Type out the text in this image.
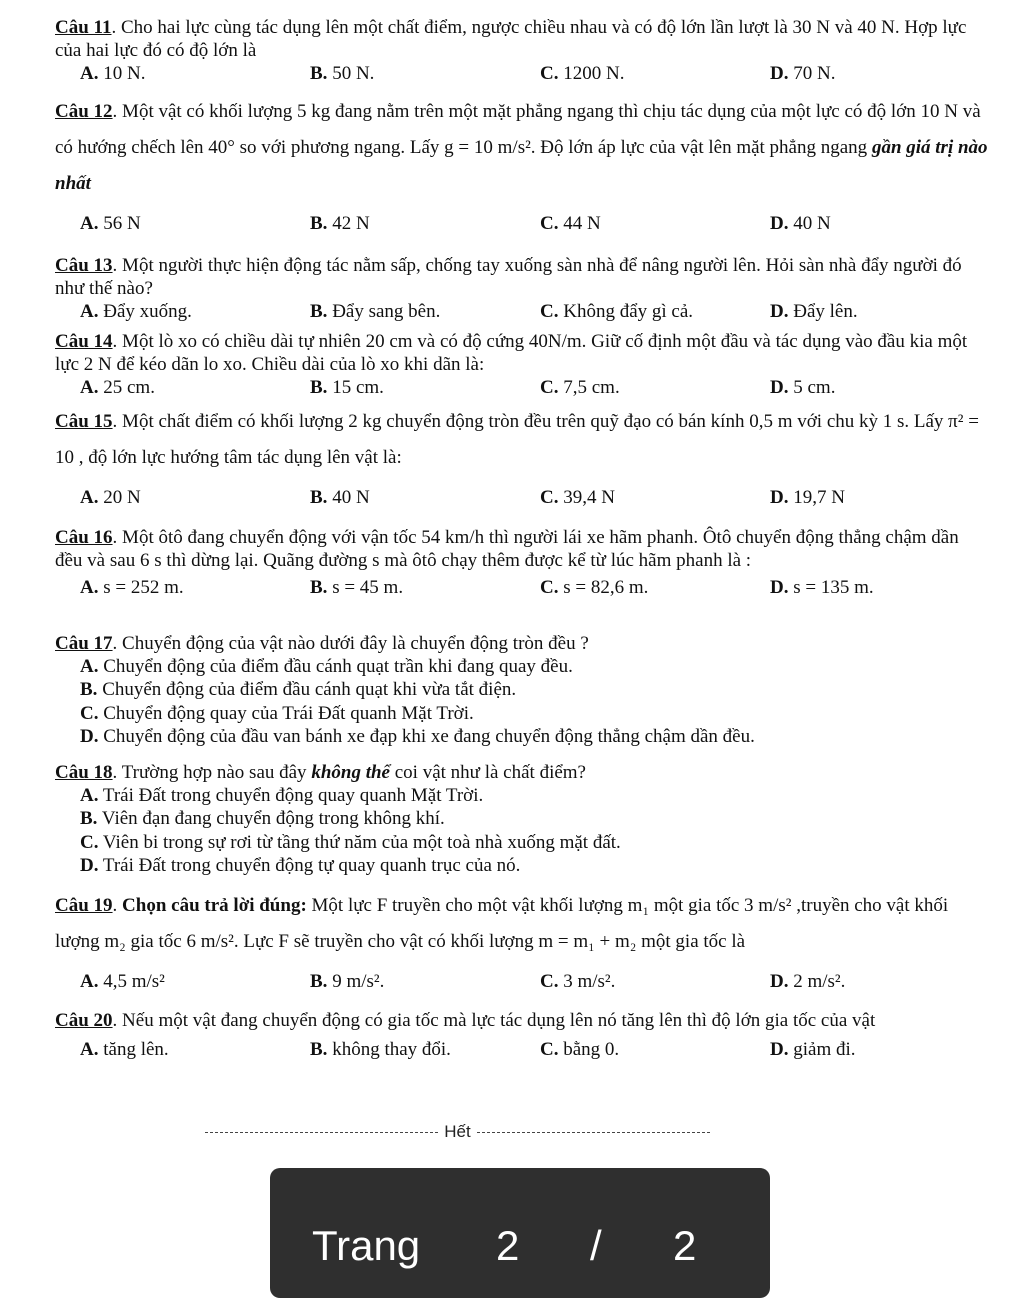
Câu 11. Cho hai lực cùng tác dụng lên một chất điểm, ngược chiều nhau và có độ lớn lần lượt là 30 N và 40 N. Hợp lực của hai lực đó có độ lớn là

A. 10 N.	B. 50 N.	C. 1200 N.	D. 70 N.

Câu 12. Một vật có khối lượng 5 kg đang nằm trên một mặt phẳng ngang thì chịu tác dụng của một lực có độ lớn 10 N và có hướng chếch lên 40° so với phương ngang. Lấy g = 10 m/s². Độ lớn áp lực của vật lên mặt phẳng ngang gần giá trị nào nhất

A. 56 N	B. 42 N	C. 44 N	D. 40 N

Câu 13. Một người thực hiện động tác nằm sấp, chống tay xuống sàn nhà để nâng người lên. Hỏi sàn nhà đẩy người đó như thế nào?

A. Đẩy xuống.	B. Đẩy sang bên.	C. Không đẩy gì cả.	D. Đẩy lên.

Câu 14. Một lò xo có chiều dài tự nhiên 20 cm và có độ cứng 40N/m. Giữ cố định một đầu và tác dụng vào đầu kia một lực 2 N để kéo dãn lo xo. Chiều dài của lò xo khi dãn là:

A. 25 cm.	B. 15 cm.	C. 7,5 cm.	D. 5 cm.

Câu 15. Một chất điểm có khối lượng 2 kg chuyển động tròn đều trên quỹ đạo có bán kính 0,5 m với chu kỳ 1 s. Lấy π² = 10 , độ lớn lực hướng tâm tác dụng lên vật là:

A. 20 N	B. 40 N	C. 39,4 N	D. 19,7 N

Câu 16. Một ôtô đang chuyển động với vận tốc 54 km/h thì người lái xe hãm phanh. Ôtô chuyển động thẳng chậm dần đều và sau 6 s thì dừng lại. Quãng đường s mà ôtô chạy thêm được kể từ lúc hãm phanh là :

A. s = 252 m.	B. s = 45 m.	C. s = 82,6 m.	D. s = 135 m.

Câu 17. Chuyển động của vật nào dưới đây là chuyển động tròn đều ?

A. Chuyển động của điểm đầu cánh quạt trần khi đang quay đều.
B. Chuyển động của điểm đầu cánh quạt khi vừa tắt điện.
C. Chuyển động quay của Trái Đất quanh Mặt Trời.
D. Chuyển động của đầu van bánh xe đạp khi xe đang chuyển động thẳng chậm dần đều.

Câu 18. Trường hợp nào sau đây không thể coi vật như là chất điểm?

A. Trái Đất trong chuyển động quay quanh Mặt Trời.
B. Viên đạn đang chuyển động trong không khí.
C. Viên bi trong sự rơi từ tầng thứ năm của một toà nhà xuống mặt đất.
D. Trái Đất trong chuyển động tự quay quanh trục của nó.

Câu 19. Chọn câu trả lời đúng: Một lực F truyền cho một vật khối lượng m₁ một gia tốc 3 m/s² ,truyền cho vật khối lượng m₂ gia tốc 6 m/s². Lực F sẽ truyền cho vật có khối lượng m = m₁ + m₂ một gia tốc là

A. 4,5 m/s²	B. 9 m/s².	C. 3 m/s².	D. 2 m/s².

Câu 20. Nếu một vật đang chuyển động có gia tốc mà lực tác dụng lên nó tăng lên thì độ lớn gia tốc của vật

A. tăng lên.	B. không thay đổi.	C. bằng 0.	D. giảm đi.
Hết
Trang 2 / 2
